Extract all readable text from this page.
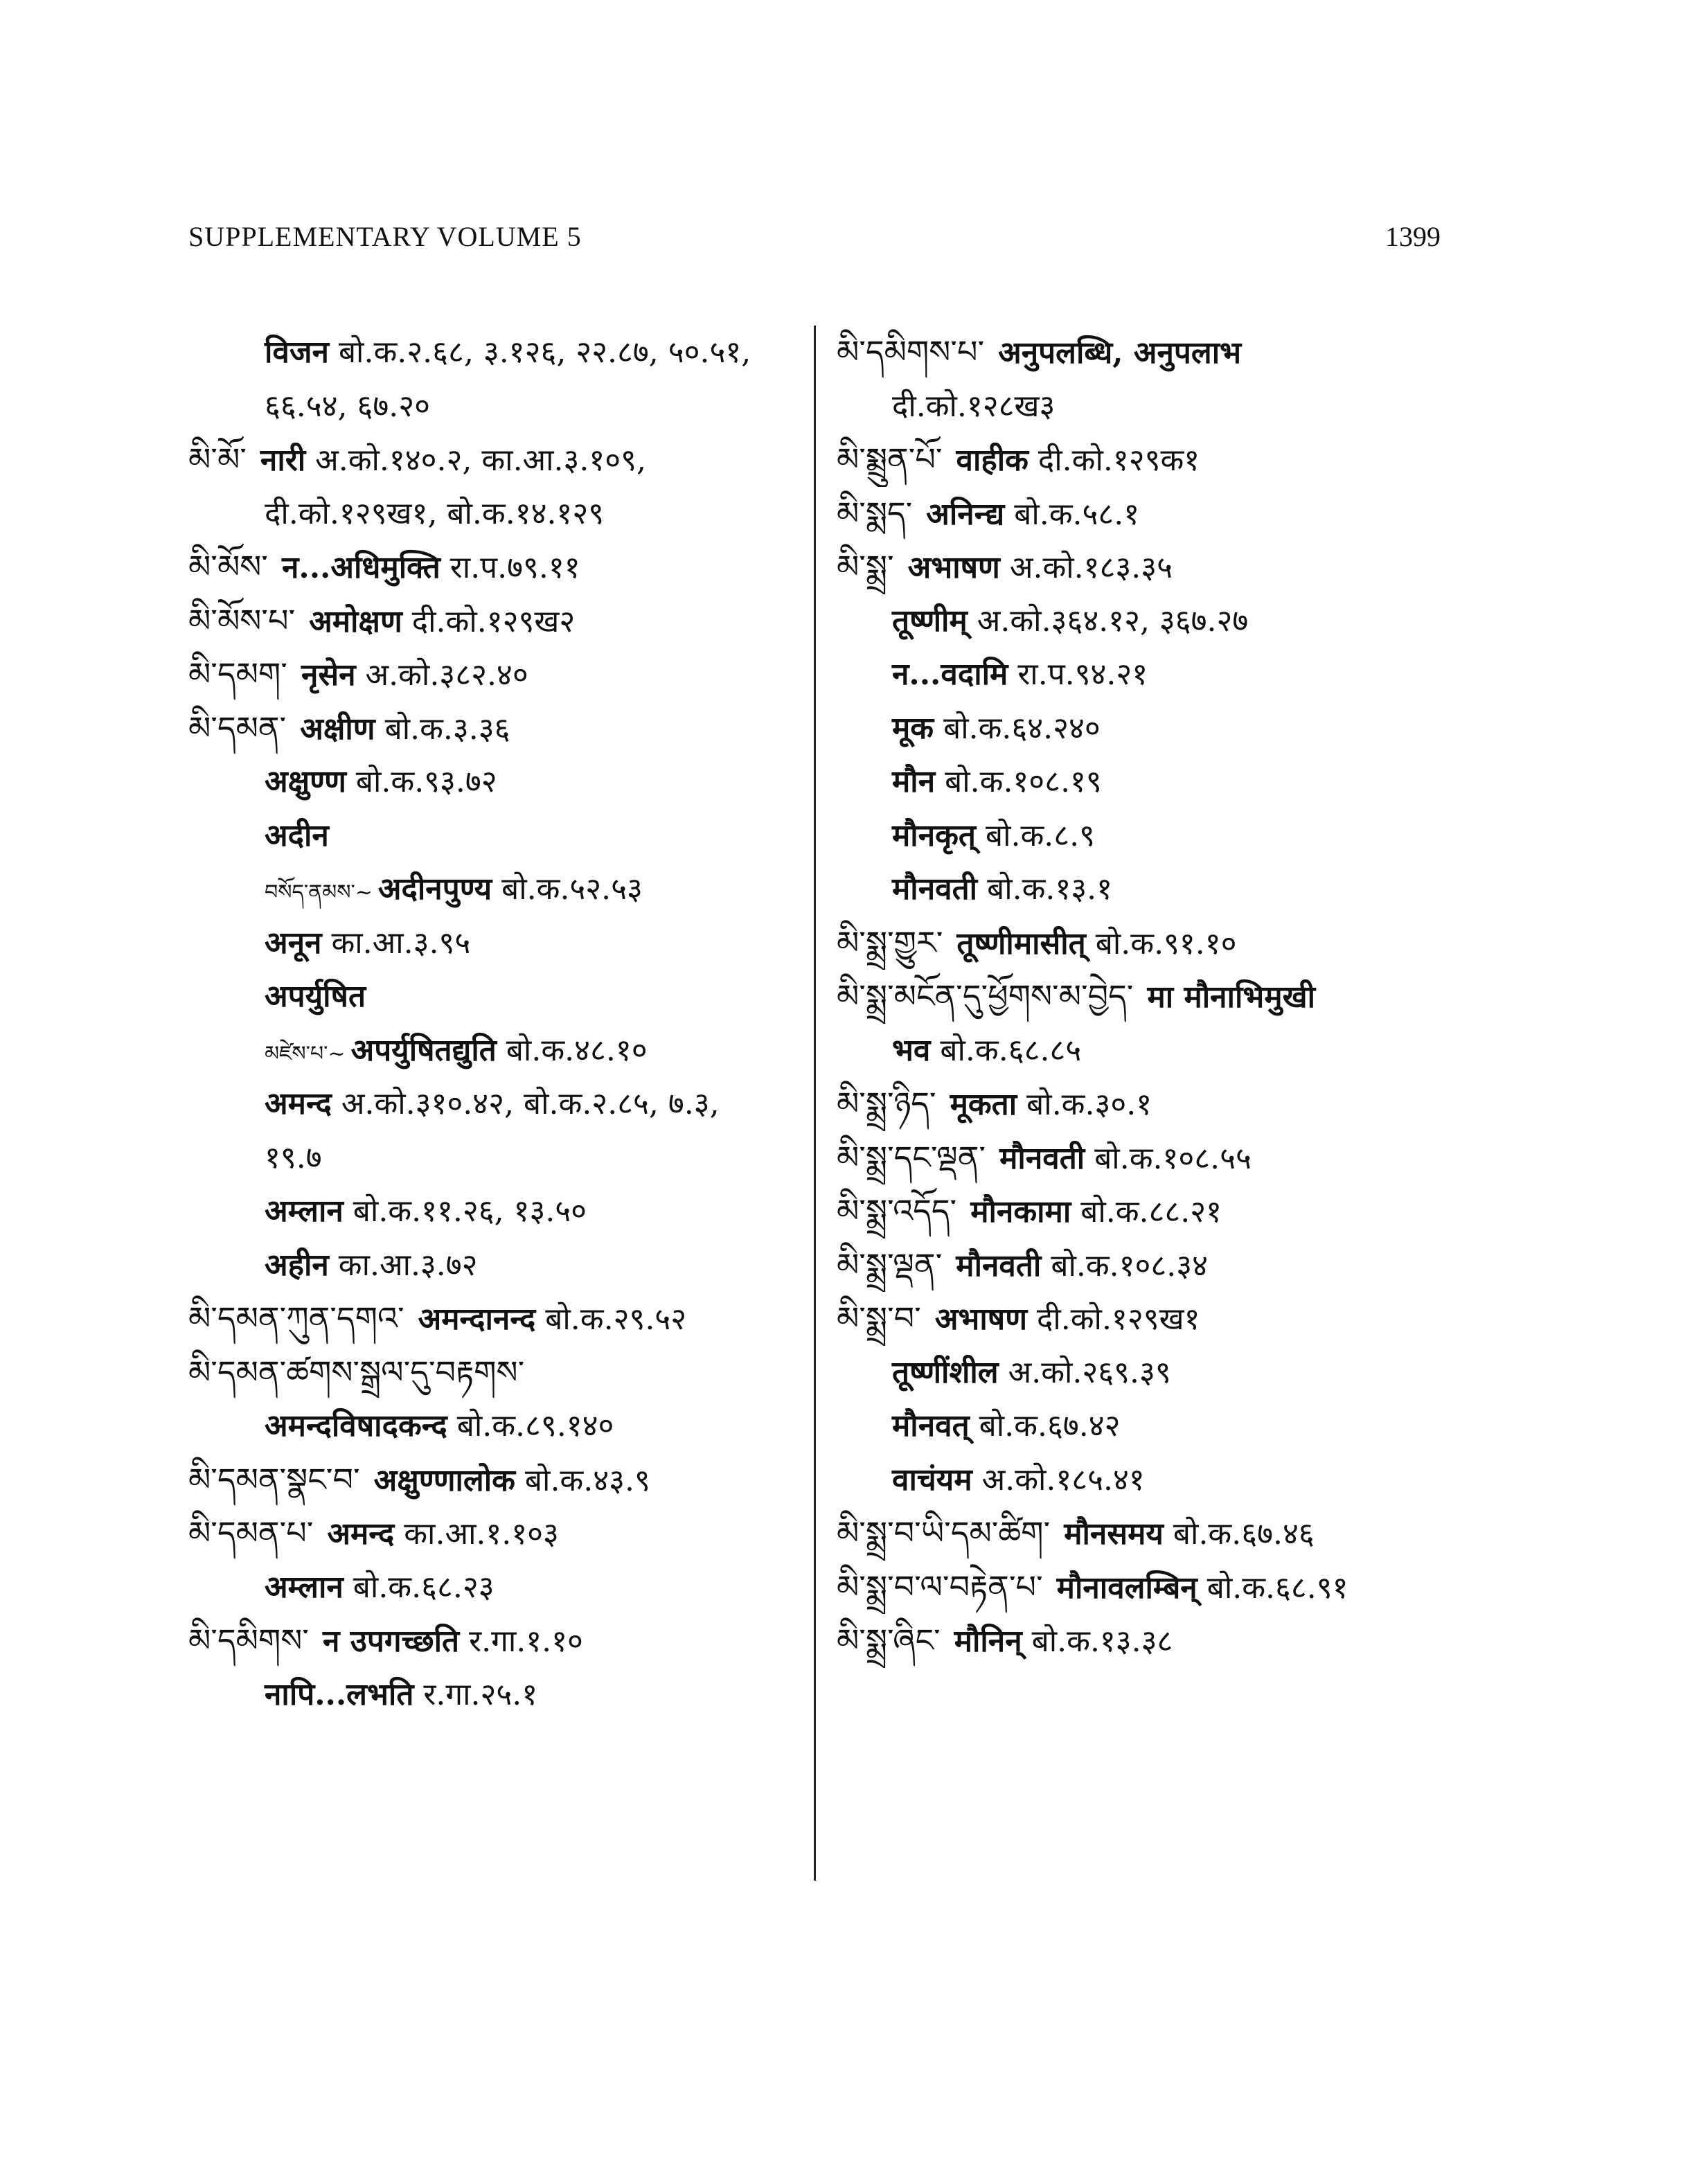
SUPPLEMENTARY VOLUME 5	1399
विजन बो.क.२.६८, ३.१२६, २२.८७, ५०.५१,
६६.५४, ६७.२०
མི་མོ་ नारी अ.को.१४०.२, का.आ.३.१०९,
दी.को.१२९ख१, बो.क.१४.१२९
མི་མོས་ न...अधिमुक्ति रा.प.७९.११
མི་མོས་པ་ अमोक्षण दी.को.१२९ख२
མི་དམག་ नृसेन अ.को.३८२.४०
མི་དམན་ अक्षीण बो.क.३.३६
अक्षुण्ण बो.क.९३.७२
अदीन
བསོད་ནམས་~ अदीनपुण्य बो.क.५२.५३
अनून का.आ.३.९५
अपर्युषित
མཛེས་པ་~ अपर्युषितद्युति बो.क.४८.१०
अमन्द अ.को.३१०.४२, बो.क.२.८५, ७.३,
१९.७
अम्लान बो.क.११.२६, १३.५०
अहीन का.आ.३.७२
མི་དམན་ཀུན་དགའ་ अमन्दानन्द बो.क.२९.५२
མི་དམན་ཚགས་སྒྲལ་དུ་བརྟགས་
अमन्दविषादकन्द बो.क.८९.१४०
མི་དམན་སྣང་བ་ अक्षुण्णालोक बो.क.४३.९
མི་དམན་པ་ अमन्द का.आ.१.१०३
अम्लान बो.क.६८.२३
མི་དམིགས་ न उपगच्छति र.गा.१.१०
नापि...लभति र.गा.२५.१
མི་དམིགས་པ་ अनुपलब्धि, अनुपलाभ
दी.को.१२८ख३
མི་སྨྲུན་པོ་ वाहीक दी.को.१२९क१
མི་སྨད་ अनिन्द्य बो.क.५८.१
མི་སྨྲ་ अभाषण अ.को.१८३.३५
तूष्णीम् अ.को.३६४.१२, ३६७.२७
न...वदामि रा.प.९४.२१
मूक बो.क.६४.२४०
मौन बो.क.१०८.१९
मौनकृत् बो.क.८.९
मौनवती बो.क.१३.१
མི་སྨྲ་གྱུར་ तूष्णीमासीत् बो.क.९१.१०
མི་སྨྲ་མངོན་དུ་ཕྱོགས་མ་བྱེད་ मा मौनाभिमुखी
भव बो.क.६८.८५
མི་སྨྲ་ཉིད་ मूकता बो.क.३०.१
མི་སྨྲ་དང་ལྡན་ मौनवती बो.क.१०८.५५
མི་སྨྲ་འདོད་ मौनकामा बो.क.८८.२१
མི་སྨྲ་ལྡན་ मौनवती बो.क.१०८.३४
མི་སྨྲ་བ་ अभाषण दी.को.१२९ख१
तूष्णींशील अ.को.२६९.३९
मौनवत् बो.क.६७.४२
वाचंयम अ.को.१८५.४१
མི་སྨྲ་བ་ཡི་དམ་ཚིག་ मौनसमय बो.क.६७.४६
མི་སྨྲ་བ་ལ་བརྟེན་པ་ मौनावलम्बिन् बो.क.६८.९१
མི་སྨྲ་ཞིང་ मौनिन् बो.क.१३.३८
